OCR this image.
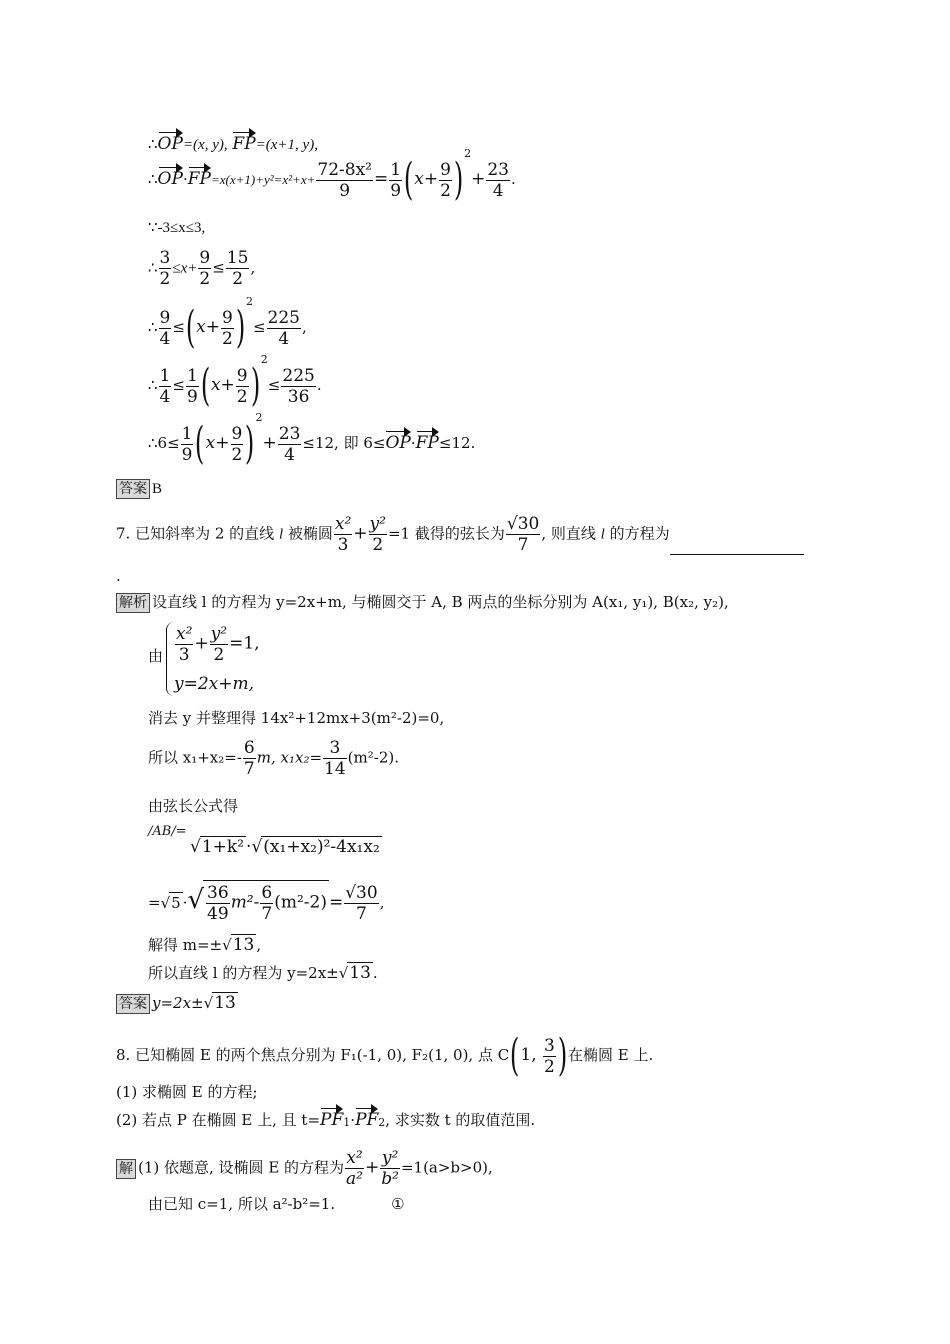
∴OP=(x, y), FP=(x+1, y),
∴OP·FP=x(x+1)+y²=x²+x+ $\frac{\text{72-8x²}}{9} = \frac{1}{9} (x+ \frac{9}{2} )^2+ \frac{23}{4}$ .
∵-3≤x≤3,
∴ $\frac{3}{2} \le x+ \frac{9}{2} \le \frac{15}{2}$ ,
∴ $\frac{9}{4} \le(x+ \frac{9}{2} )^2\le \frac{225}{4}$ ,
∴ $\frac{1}{4} \le \frac{1}{9} (x+ \frac{9}{2} )^2\le \frac{225}{36}$ .
∴6≤ $\frac{1}{9} (x+ \frac{9}{2} )^2+ \frac{23}{4} \le 12$, 即 6≤OP·FP≤12.
答案 B
7. 已知斜率为 2 的直线 l 被椭圆 $\frac{\text{x²}}{3} + \frac{\text{y²}}{2} =1$ 截得的弦长为 $\frac{√30}{7}$ , 则直线 l 的方程为
.
解析 设直线 l 的方程为 y=2x+m, 与椭圆交于 A, B 两点的坐标分别为 A(x₁, y₁), B(x₂, y₂),
由 $\frac{\text{x²}}{3} + \frac{\text{y²}}{2} =1$,
y=2x+m,
消去 y 并整理得 14x²+12mx+3(m²-2)=0,
所以 $x_1+x_2=- \frac{6}{7} m$, $x_1x_2= \frac{3}{14} (m^2-2)$.
由弦长公式得
/AB/=
√1+k² ·√(x₁+x₂)²-4x₁x₂
=√5 ·√ $\frac{36}{49} m^2- \frac{6}{7} (m^2-2) = \frac{√30}{7}$ ,
解得 m=±√13 ,
所以直线 l 的方程为 y=2x±√13 .
答案 y=2x±√13
8. 已知椭圆 E 的两个焦点分别为 F₁(-1, 0), F₂(1, 0), 点 C(1, $\frac{3}{2}$ )在椭圆 E 上.
(1) 求椭圆 E 的方程;
(2) 若点 P 在椭圆 E 上, 且 $t=PF_1\cdot PF_2$, 求实数 t 的取值范围.
解 (1) 依题意, 设椭圆 E 的方程为 $\frac{\text{x²}}{\text{a²}} + \frac{\text{y²}}{\text{b²}} =1(a>b>0)$,
由已知 c=1, 所以 a²-b²=1.	①
